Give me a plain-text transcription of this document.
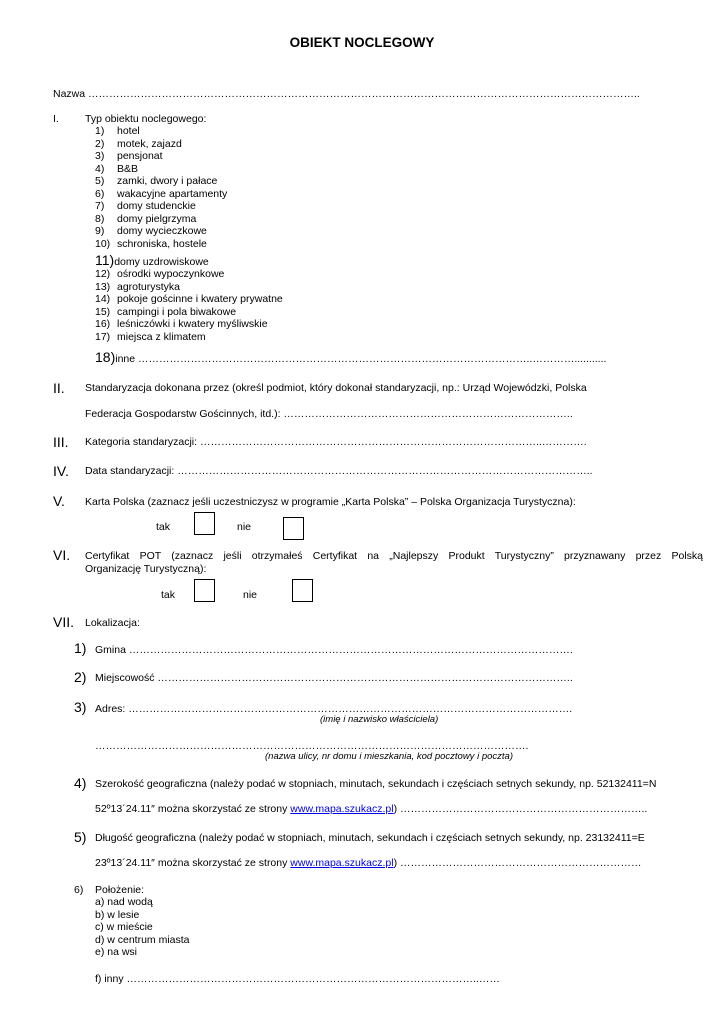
OBIEKT NOCLEGOWY
Nazwa …………………………………………………………………………………………………………………………………………..
I. Typ obiektu noclegowego:
1) hotel
2) motek, zajazd
3) pensjonat
4) B&B
5) zamki, dwory i pałace
6) wakacyjne apartamenty
7) domy studenckie
8) domy pielgrzyma
9) domy wycieczkowe
10) schroniska, hostele
11)domy uzdrowiskowe
12) ośrodki wypoczynkowe
13) agroturystyka
14) pokoje gościnne i kwatery prywatne
15) campingi i pola biwakowe
16) leśniczówki i kwatery myśliwskie
17) miejsca z klimatem
18)inne …………………………………………………………………………………………………..…………...........
II. Standaryzacja dokonana przez (określ podmiot, który dokonał standaryzacji, np.: Urząd Wojewódzki, Polska
Federacja Gospodarstw Gościnnych, itd.): ………………………………………………………………………..
III. Kategoria standaryzacji: ……………………………………………………………………………………..………….
IV. Data standaryzacji: ………………………………………………………………………………………………………..
V. Karta Polska (zaznacz jeśli uczestniczysz w programie „Karta Polska” – Polska Organizacja Turystyczna):
tak	nie
VI. Certyfikat POT (zaznacz jeśli otrzymałeś Certyfikat na „Najlepszy Produkt Turystyczny” przyznawany przez Polską
Organizację Turystyczną):
tak	nie
VII. Lokalizacja:
1) Gmina ……………………………………………………………………………………………………………….
2) Miejscowość ………………………………………………………………………………………………………..
3) Adres: ……………………………………………………………………………………………………………….
(imię i nazwisko właściciela)
…………………………………………………………………………………………………………….
(nazwa ulicy, nr domu i mieszkania, kod pocztowy i poczta)
4) Szerokość geograficzna (należy podać w stopniach, minutach, sekundach i częściach setnych sekundy, np. 52132411=N
52º13´24.11″ można skorzystać ze strony www.mapa.szukacz.pl) ……………………………………………………………..
5) Długość geograficzna (należy podać w stopniach, minutach, sekundach i częściach setnych sekundy, np. 23132411=E
23º13´24.11″ można skorzystać ze strony www.mapa.szukacz.pl) ……………………………………………………………
6) Położenie:
a) nad wodą
b) w lesie
c) w mieście
d) w centrum miasta
e) na wsi
f) inny ………………………………………………………………………………………..……
